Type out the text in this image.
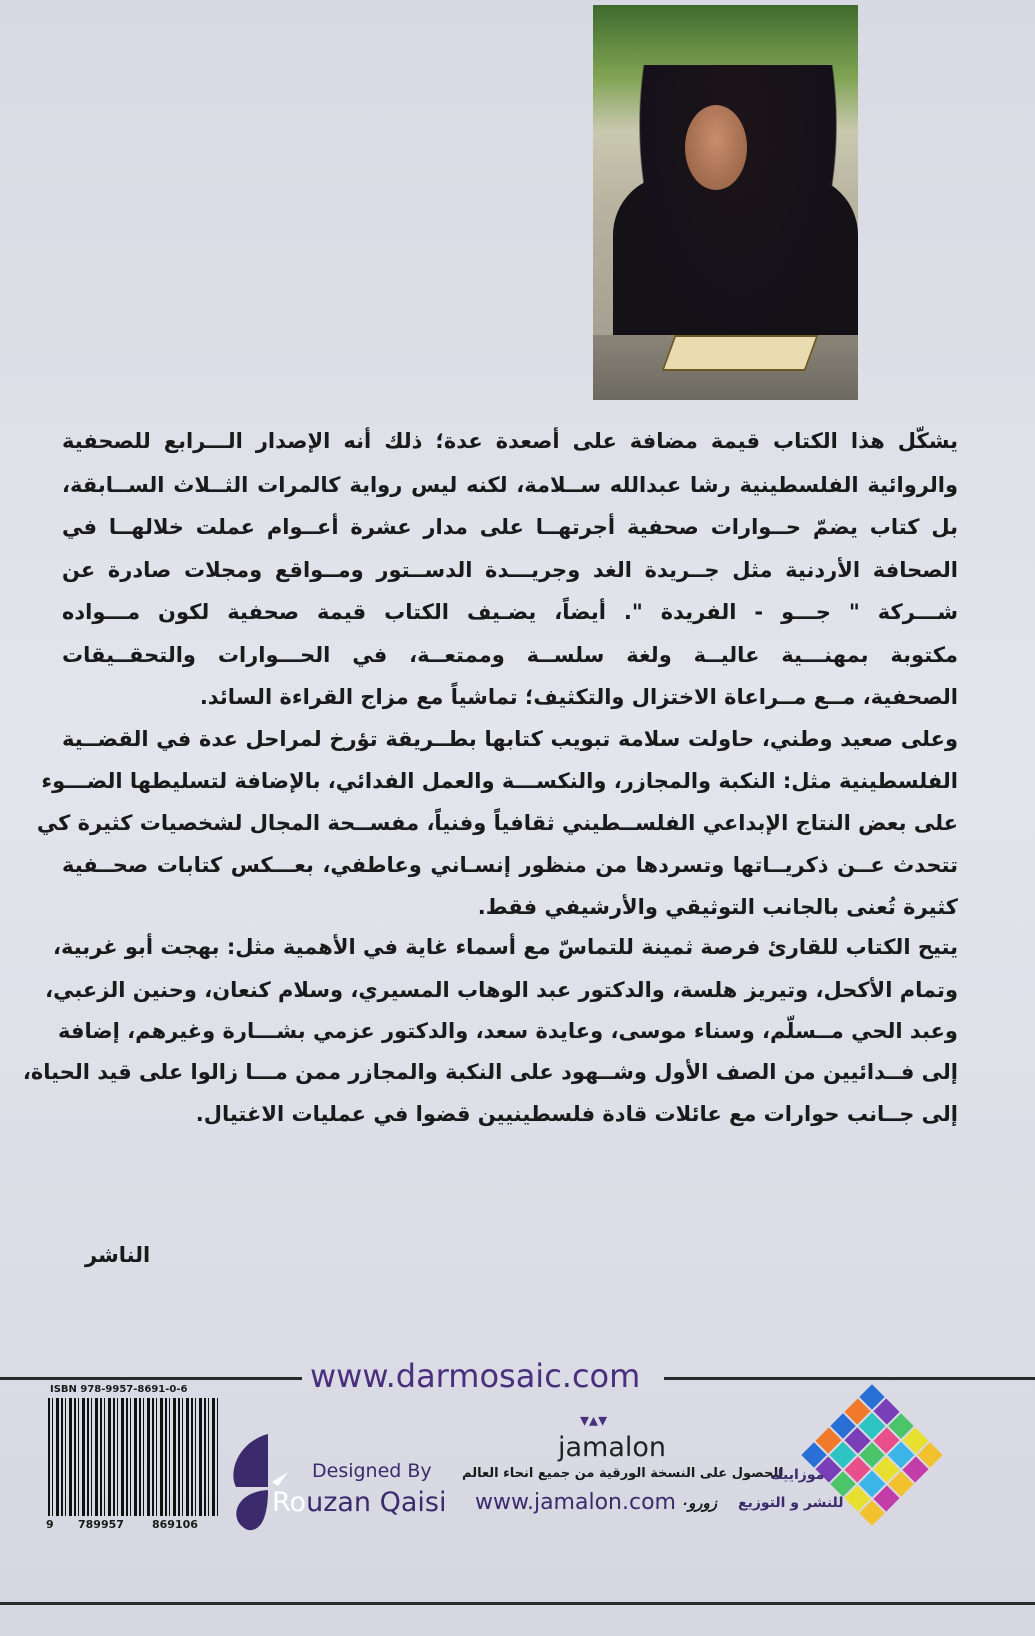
يشكّل هذا الكتاب قيمة مضافة على أصعدة عدة؛ ذلك أنه الإصدار الـــرابع للصحفية
والروائية الفلسطينية رشا عبدالله ســلامة، لكنه ليس رواية كالمرات الثــلاث الســابقة،
بل كتاب يضمّ حــوارات صحفية أجرتهــا على مدار عشرة أعــوام عملت خلالهــا في
الصحافة الأردنية مثل جــريدة الغد وجريـــدة الدســتور ومــواقع ومجلات صادرة عن
شـــركة " جـــو - الفريدة ". أيضاً، يضـيف الكتاب قيمة صحفية لكون مـــواده
مكتوبة بمهنـــية عاليــة ولغة سلســة وممتعــة، في الحـــوارات والتحقــيقات
الصحفية، مــع مــراعاة الاختزال والتكثيف؛ تماشياً مع مزاج القراءة السائد.
وعلى صعيد وطني، حاولت سلامة تبويب كتابها بطــريقة تؤرخ لمراحل عدة في القضــية
الفلسطينية مثل: النكبة والمجازر، والنكســـة والعمل الفدائي، بالإضافة لتسليطها الضـــوء
على بعض النتاج الإبداعي الفلســطيني ثقافياً وفنياً، مفســحة المجال لشخصيات كثيرة كي
تتحدث عــن ذكريــاتها وتسردها من منظور إنسـاني وعاطفي، بعـــكس كتابات صحــفية
كثيرة تُعنى بالجانب التوثيقي والأرشيفي فقط.
يتيح الكتاب للقارئ فرصة ثمينة للتماسّ مع أسماء غاية في الأهمية مثل: بهجت أبو غربية،
وتمام الأكحل، وتيريز هلسة، والدكتور عبد الوهاب المسيري، وسلام كنعان، وحنين الزعبي،
وعبد الحي مــسلّم، وسناء موسى، وعايدة سعد، والدكتور عزمي بشـــارة وغيرهم، إضافة
إلى فــدائيين من الصف الأول وشــهود على النكبة والمجازر ممن مـــا زالوا على قيد الحياة،
إلى جــانب حوارات مع عائلات قادة فلسطينيين قضوا في عمليات الاغتيال.
الناشر
www.darmosaic.com
ISBN 978-9957-8691-0-6
9 789957	869106
Designed By
Rouzan Qaisi
▾▴▾
jamalon
للحصول على النسخة الورقية من جميع انحاء العالم
www.jamalon.com زورو٠
موزاييك
للنشر و التوزيع
